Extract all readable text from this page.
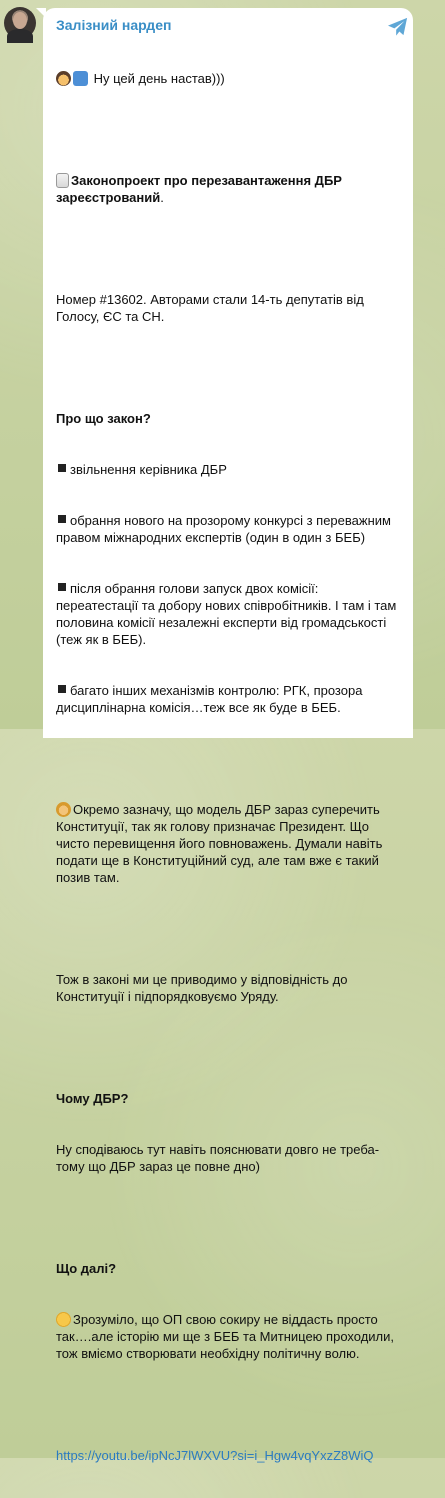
Залізний нардеп

Ну цей день настав)))

Законопроект про перезавантаження ДБР зареєстрований.

Номер #13602. Авторами стали 14-ть депутатів від Голосу, ЄС та СН.

Про що закон?

звільнення керівника ДБР

обрання нового на прозорому конкурсі з переважним правом міжнародних експертів (один в один з БЕБ)

після обрання голови запуск двох комісії: переатестації та добору нових співробітників. І там і там половина комісії незалежні експерти від громадськості (теж як в БЕБ).

багато інших механізмів контролю: РГК, прозора дисциплінарна комісія…теж все як буде в БЕБ.

Окремо зазначу, що модель ДБР зараз суперечить Конституції, так як голову призначає Президент. Що чисто перевищення його повноважень. Думали навіть подати ще в Конституційний суд, але там вже є такий позив там.

Тож в законі ми це приводимо у відповідність до Конституції і підпорядковуємо Уряду.

Чому ДБР?

Ну сподіваюсь тут навіть пояснювати довго не треба- тому що ДБР зараз це повне дно)

Що далі?

Зрозуміло, що ОП свою сокиру не віддасть просто так….але історію ми ще з БЕБ та Митницею проходили, тож вміємо створювати необхідну політичну волю.

https://youtu.be/ipNcJ7lWXVU?si=i_Hgw4vqYxzZ8WiQ
